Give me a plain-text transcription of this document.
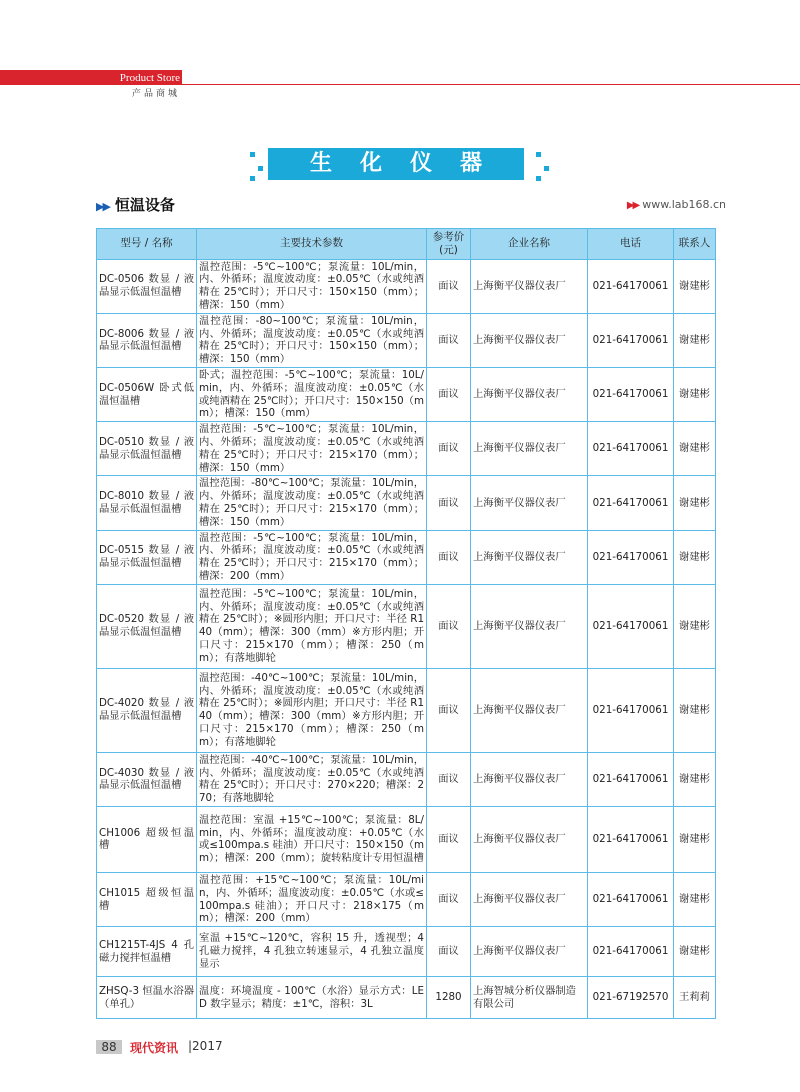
Product Store
产品商城
生化仪器
▶▶ 恒温设备	▶▶ www.lab168.cn
型号 / 名称	主要技术参数	参考价(元)	企业名称	电话	联系人
DC-0506 数显 / 液晶显示低温恒温槽	温控范围：-5℃~100℃；泵流量：10L/min，内、外循环；温度波动度：±0.05℃（水或纯酒精在 25℃时）；开口尺寸：150×150（mm）；槽深：150（mm）	面议	上海衡平仪器仪表厂	021-64170061	谢建彬
DC-8006 数显 / 液晶显示低温恒温槽	温控范围：-80~100℃；泵流量：10L/min，内、外循环；温度波动度：±0.05℃（水或纯酒精在 25℃时）；开口尺寸：150×150（mm）；槽深：150（mm）	面议	上海衡平仪器仪表厂	021-64170061	谢建彬
DC-0506W 卧式低温恒温槽	卧式；温控范围：-5℃~100℃；泵流量：10L/min，内、外循环；温度波动度：±0.05℃（水或纯酒精在 25℃时）；开口尺寸：150×150（mm）；槽深：150（mm）	面议	上海衡平仪器仪表厂	021-64170061	谢建彬
DC-0510 数显 / 液晶显示低温恒温槽	温控范围：-5℃~100℃；泵流量：10L/min，内、外循环；温度波动度：±0.05℃（水或纯酒精在 25℃时）；开口尺寸：215×170（mm）；槽深：150（mm）	面议	上海衡平仪器仪表厂	021-64170061	谢建彬
DC-8010 数显 / 液晶显示低温恒温槽	温控范围：-80℃~100℃；泵流量：10L/min，内、外循环；温度波动度：±0.05℃（水或纯酒精在 25℃时）；开口尺寸：215×170（mm）；槽深：150（mm）	面议	上海衡平仪器仪表厂	021-64170061	谢建彬
DC-0515 数显 / 液晶显示低温恒温槽	温控范围：-5℃~100℃；泵流量：10L/min，内、外循环；温度波动度：±0.05℃（水或纯酒精在 25℃时）；开口尺寸：215×170（mm）；槽深：200（mm）	面议	上海衡平仪器仪表厂	021-64170061	谢建彬
DC-0520 数显 / 液晶显示低温恒温槽	温控范围：-5℃~100℃；泵流量：10L/min，内、外循环；温度波动度：±0.05℃（水或纯酒精在 25℃时）；※圆形内胆；开口尺寸：半径 R140（mm）；槽深：300（mm）※方形内胆；开口尺寸：215×170（mm）；槽深：250（mm）；有落地脚轮	面议	上海衡平仪器仪表厂	021-64170061	谢建彬
DC-4020 数显 / 液晶显示低温恒温槽	温控范围：-40℃~100℃；泵流量：10L/min，内、外循环；温度波动度：±0.05℃（水或纯酒精在 25℃时）；※圆形内胆；开口尺寸：半径 R140（mm）；槽深：300（mm）※方形内胆；开口尺寸：215×170（mm）；槽深：250（mm）；有落地脚轮	面议	上海衡平仪器仪表厂	021-64170061	谢建彬
DC-4030 数显 / 液晶显示低温恒温槽	温控范围：-40℃~100℃；泵流量：10L/min，内、外循环；温度波动度：±0.05℃（水或纯酒精在 25℃时）；开口尺寸：270×220；槽深：270；有落地脚轮	面议	上海衡平仪器仪表厂	021-64170061	谢建彬
CH1006 超级恒温槽	温控范围：室温 +15℃~100℃；泵流量：8L/min，内、外循环；温度波动度：+0.05℃（水或≤100mpa.s 硅油）开口尺寸：150×150（mm）；槽深：200（mm）；旋转粘度计专用恒温槽	面议	上海衡平仪器仪表厂	021-64170061	谢建彬
CH1015 超级恒温槽	温控范围：+15℃~100℃；泵流量：10L/min，内、外循环；温度波动度：±0.05℃（水或≤100mpa.s 硅油）；开口尺寸：218×175（mm）；槽深：200（mm）	面议	上海衡平仪器仪表厂	021-64170061	谢建彬
CH1215T-4JS 4 孔磁力搅拌恒温槽	室温 +15℃~120℃，容积 15 升，透视型；4 孔磁力搅拌，4 孔独立转速显示，4 孔独立温度显示	面议	上海衡平仪器仪表厂	021-64170061	谢建彬
ZHSQ-3 恒温水浴器（单孔）	温度：环境温度 - 100℃（水浴）显示方式：LED 数字显示；精度：±1℃，溶积：3L	1280	上海智城分析仪器制造有限公司	021-67192570	王莉莉
88	现代资讯 |2017
